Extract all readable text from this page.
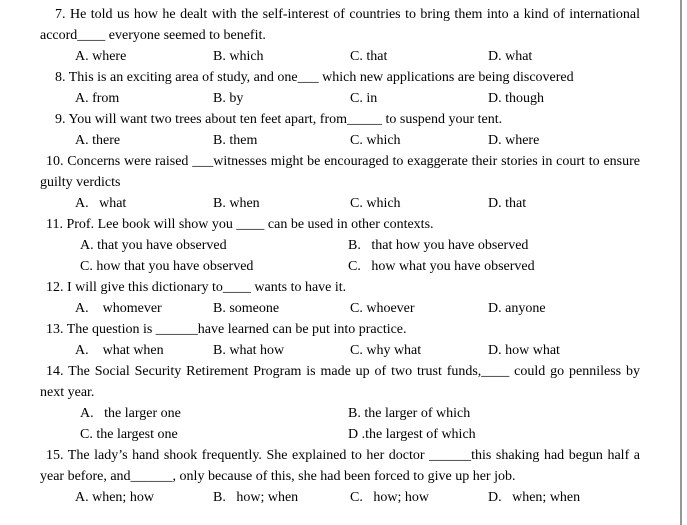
7. He told us how he dealt with the self-interest of countries to bring them into a kind of international accord____ everyone seemed to benefit.

A. where	B. which	C. that	D. what

8. This is an exciting area of study, and one___ which new applications are being discovered

A. from	B. by	C. in	D. though

9. You will want two trees about ten feet apart, from_____ to suspend your tent.

A. there	B. them	C. which	D. where

10. Concerns were raised ___witnesses might be encouraged to exaggerate their stories in court to ensure guilty verdicts

A.   what	B. when	C. which	D. that

11. Prof. Lee book will show you ____ can be used in other contexts.

A. that you have observed	B.   that how you have observed
C. how that you have observed	C.   how what you have observed

12. I will give this dictionary to____ wants to have it.

A.    whomever	B. someone	C. whoever	D. anyone

13. The question is ______have learned can be put into practice.

A.    what when	B. what how	C. why what	D. how what

14. The Social Security Retirement Program is made up of two trust funds,____ could go penniless by next year.

A.   the larger one	B. the larger of which
C. the largest one	D .the largest of which

15. The lady’s hand shook frequently. She explained to her doctor ______this shaking had begun half a year before, and______, only because of this, she had been forced to give up her job.

A. when; how	B.   how; when	C.   how; how	D.   when; when
